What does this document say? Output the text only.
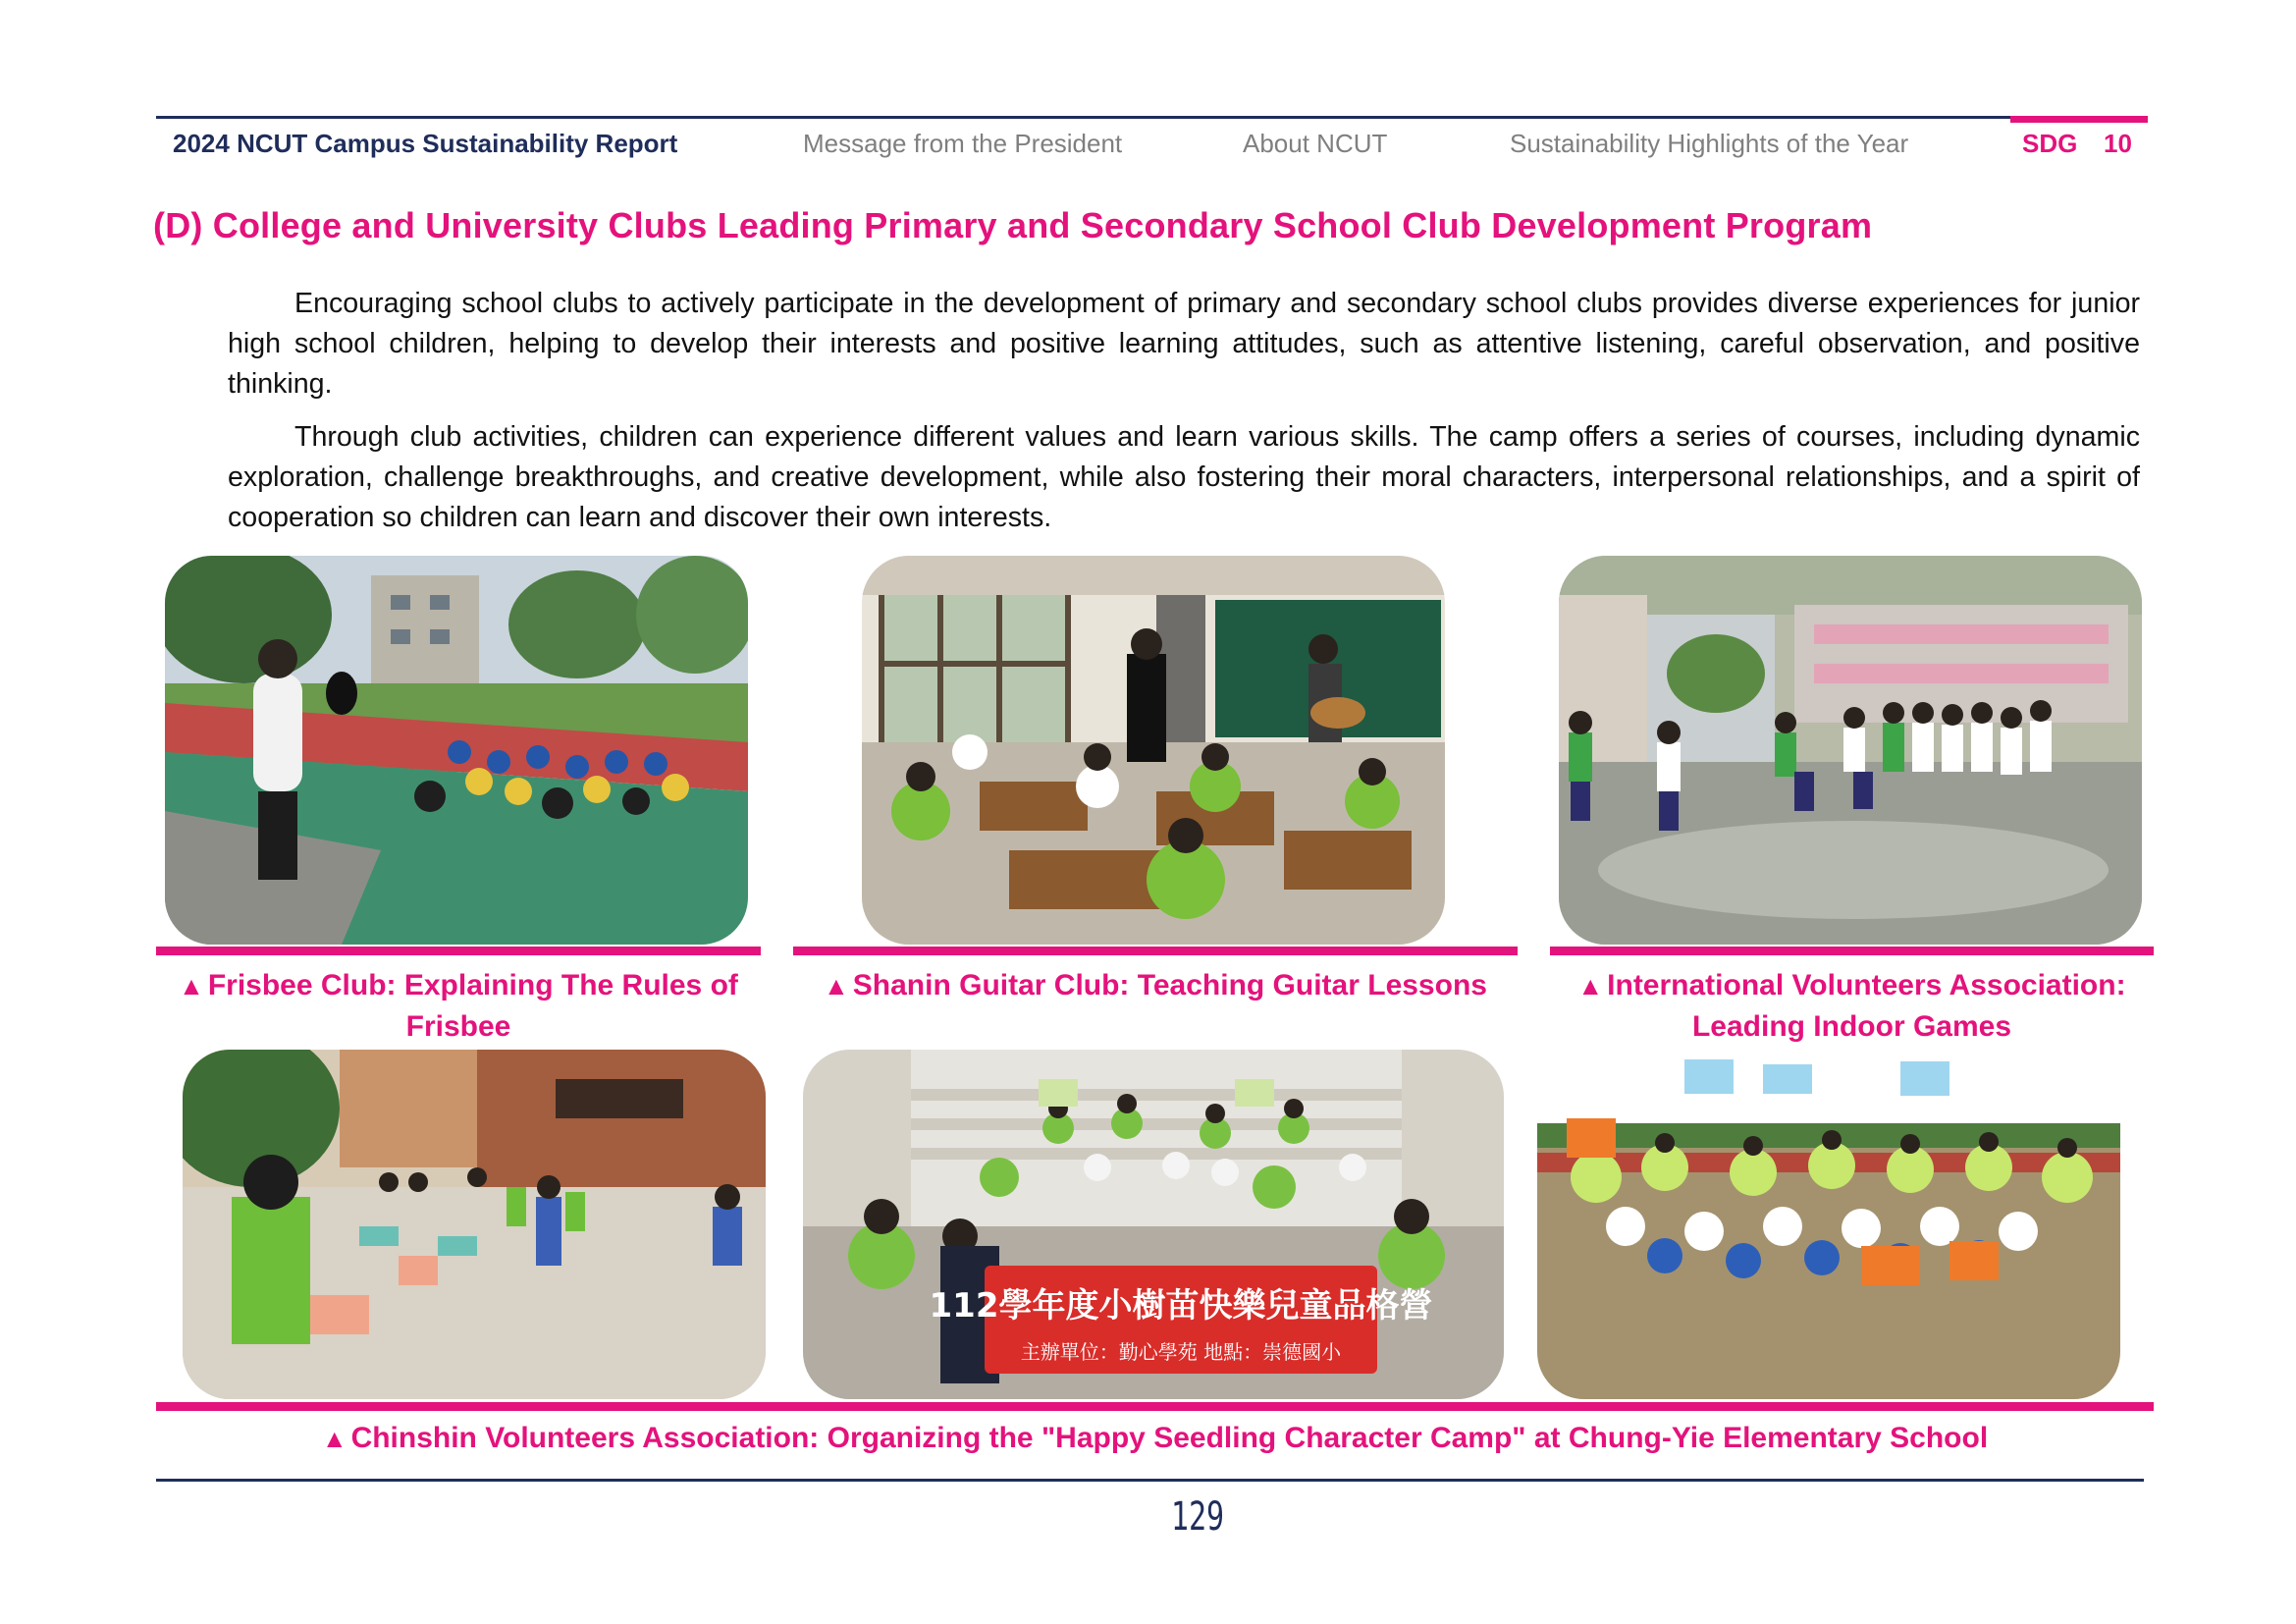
2024 NCUT Campus Sustainability Report	Message from the President	About NCUT	Sustainability Highlights of the Year	SDG 10
(D) College and University Clubs Leading Primary and Secondary School Club Development Program

Encouraging school clubs to actively participate in the development of primary and secondary school clubs provides diverse experiences for junior high school children, helping to develop their interests and positive learning attitudes, such as attentive listening, careful observation, and positive thinking.

Through club activities, children can experience different values and learn various skills. The camp offers a series of courses, including dynamic exploration, challenge breakthroughs, and creative development, while also fostering their moral characters, interpersonal relationships, and a spirit of cooperation so children can learn and discover their own interests.

▲ Frisbee Club: Explaining The Rules of Frisbee
▲ Shanin Guitar Club: Teaching Guitar Lessons	▲ International Volunteers Association: Leading Indoor Games
112學年度小樹苗快樂兒童品格營
主辦單位：勤心學苑 地點：崇德國小
▲ Chinshin Volunteers Association: Organizing the "Happy Seedling Character Camp" at Chung-Yie Elementary School
129
